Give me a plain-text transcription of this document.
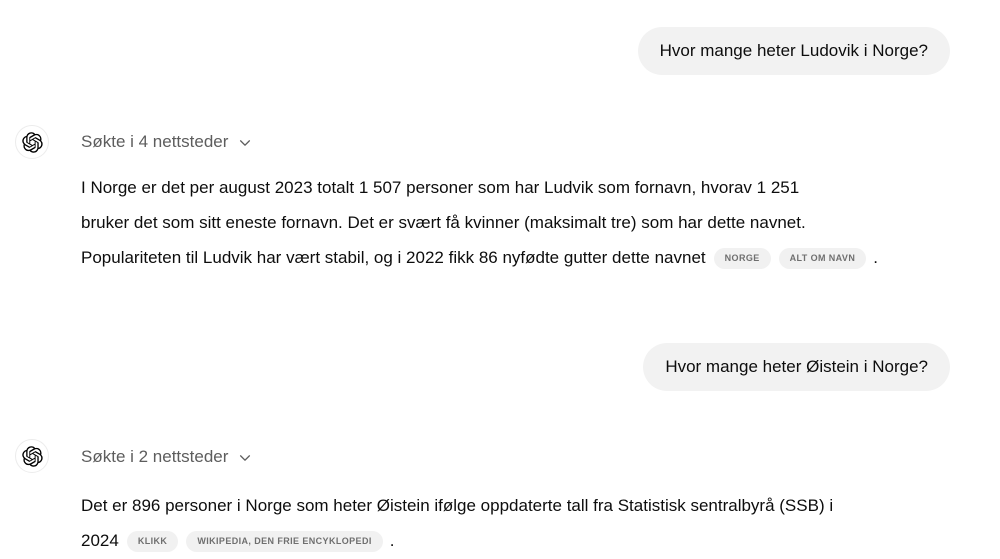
Hvor mange heter Ludovik i Norge?
Søkte i 4 nettsteder
I Norge er det per august 2023 totalt 1 507 personer som har Ludvik som fornavn, hvorav 1 251
bruker det som sitt eneste fornavn. Det er svært få kvinner (maksimalt tre) som har dette navnet.
Populariteten til Ludvik har vært stabil, og i 2022 fikk 86 nyfødte gutter dette navnet NORGE	ALT OM NAVN .
Hvor mange heter Øistein i Norge?
Søkte i 2 nettsteder
Det er 896 personer i Norge som heter Øistein ifølge oppdaterte tall fra Statistisk sentralbyrå (SSB) i
2024 KLIKK	WIKIPEDIA, DEN FRIE ENCYKLOPEDI .
